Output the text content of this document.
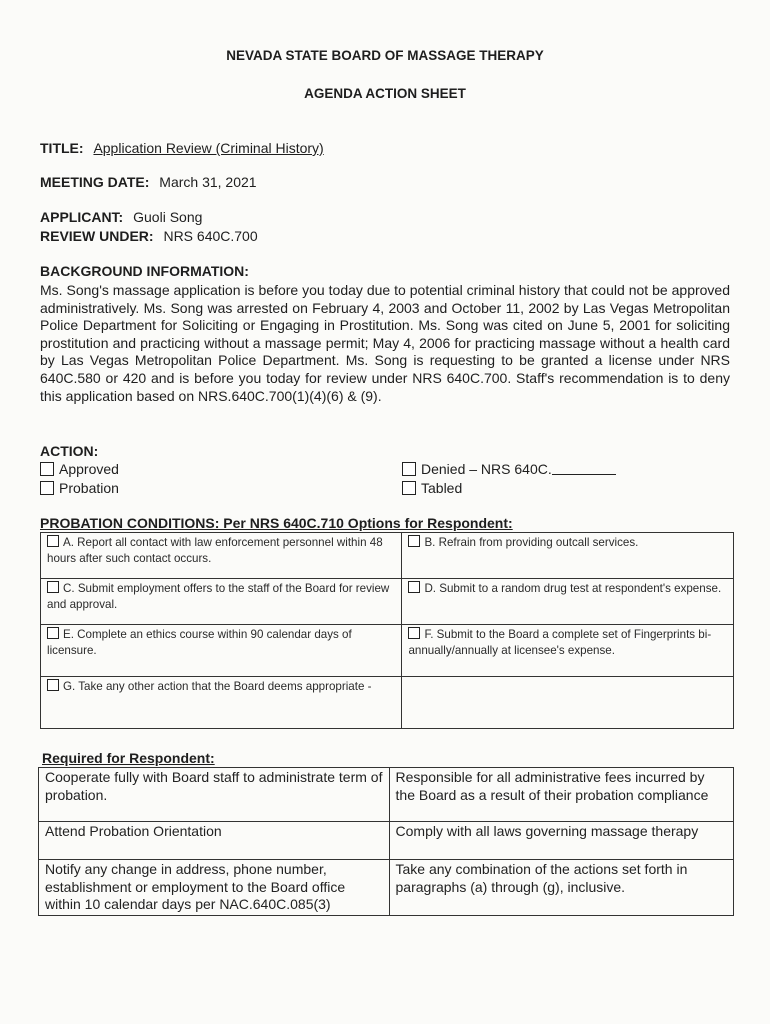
NEVADA STATE BOARD OF MASSAGE THERAPY
AGENDA ACTION SHEET
TITLE: Application Review (Criminal History)
MEETING DATE: March 31, 2021
APPLICANT: Guoli Song
REVIEW UNDER: NRS 640C.700
BACKGROUND INFORMATION:
Ms. Song's massage application is before you today due to potential criminal history that could not be approved administratively. Ms. Song was arrested on February 4, 2003 and October 11, 2002 by Las Vegas Metropolitan Police Department for Soliciting or Engaging in Prostitution. Ms. Song was cited on June 5, 2001 for soliciting prostitution and practicing without a massage permit; May 4, 2006 for practicing massage without a health card by Las Vegas Metropolitan Police Department. Ms. Song is requesting to be granted a license under NRS 640C.580 or 420 and is before you today for review under NRS 640C.700. Staff's recommendation is to deny this application based on NRS.640C.700(1)(4)(6) & (9).
ACTION:
Approved
Probation
Denied – NRS 640C.
Tabled
PROBATION CONDITIONS: Per NRS 640C.710 Options for Respondent:
A. Report all contact with law enforcement personnel within 48 hours after such contact occurs.	B. Refrain from providing outcall services.
C. Submit employment offers to the staff of the Board for review and approval.	D. Submit to a random drug test at respondent's expense.
E. Complete an ethics course within 90 calendar days of licensure.	F. Submit to the Board a complete set of Fingerprints bi-annually/annually at licensee's expense.
G. Take any other action that the Board deems appropriate -	
Required for Respondent:
Cooperate fully with Board staff to administrate term of probation.	Responsible for all administrative fees incurred by the Board as a result of their probation compliance
Attend Probation Orientation	Comply with all laws governing massage therapy
Notify any change in address, phone number, establishment or employment to the Board office within 10 calendar days per NAC.640C.085(3)	Take any combination of the actions set forth in paragraphs (a) through (g), inclusive.
